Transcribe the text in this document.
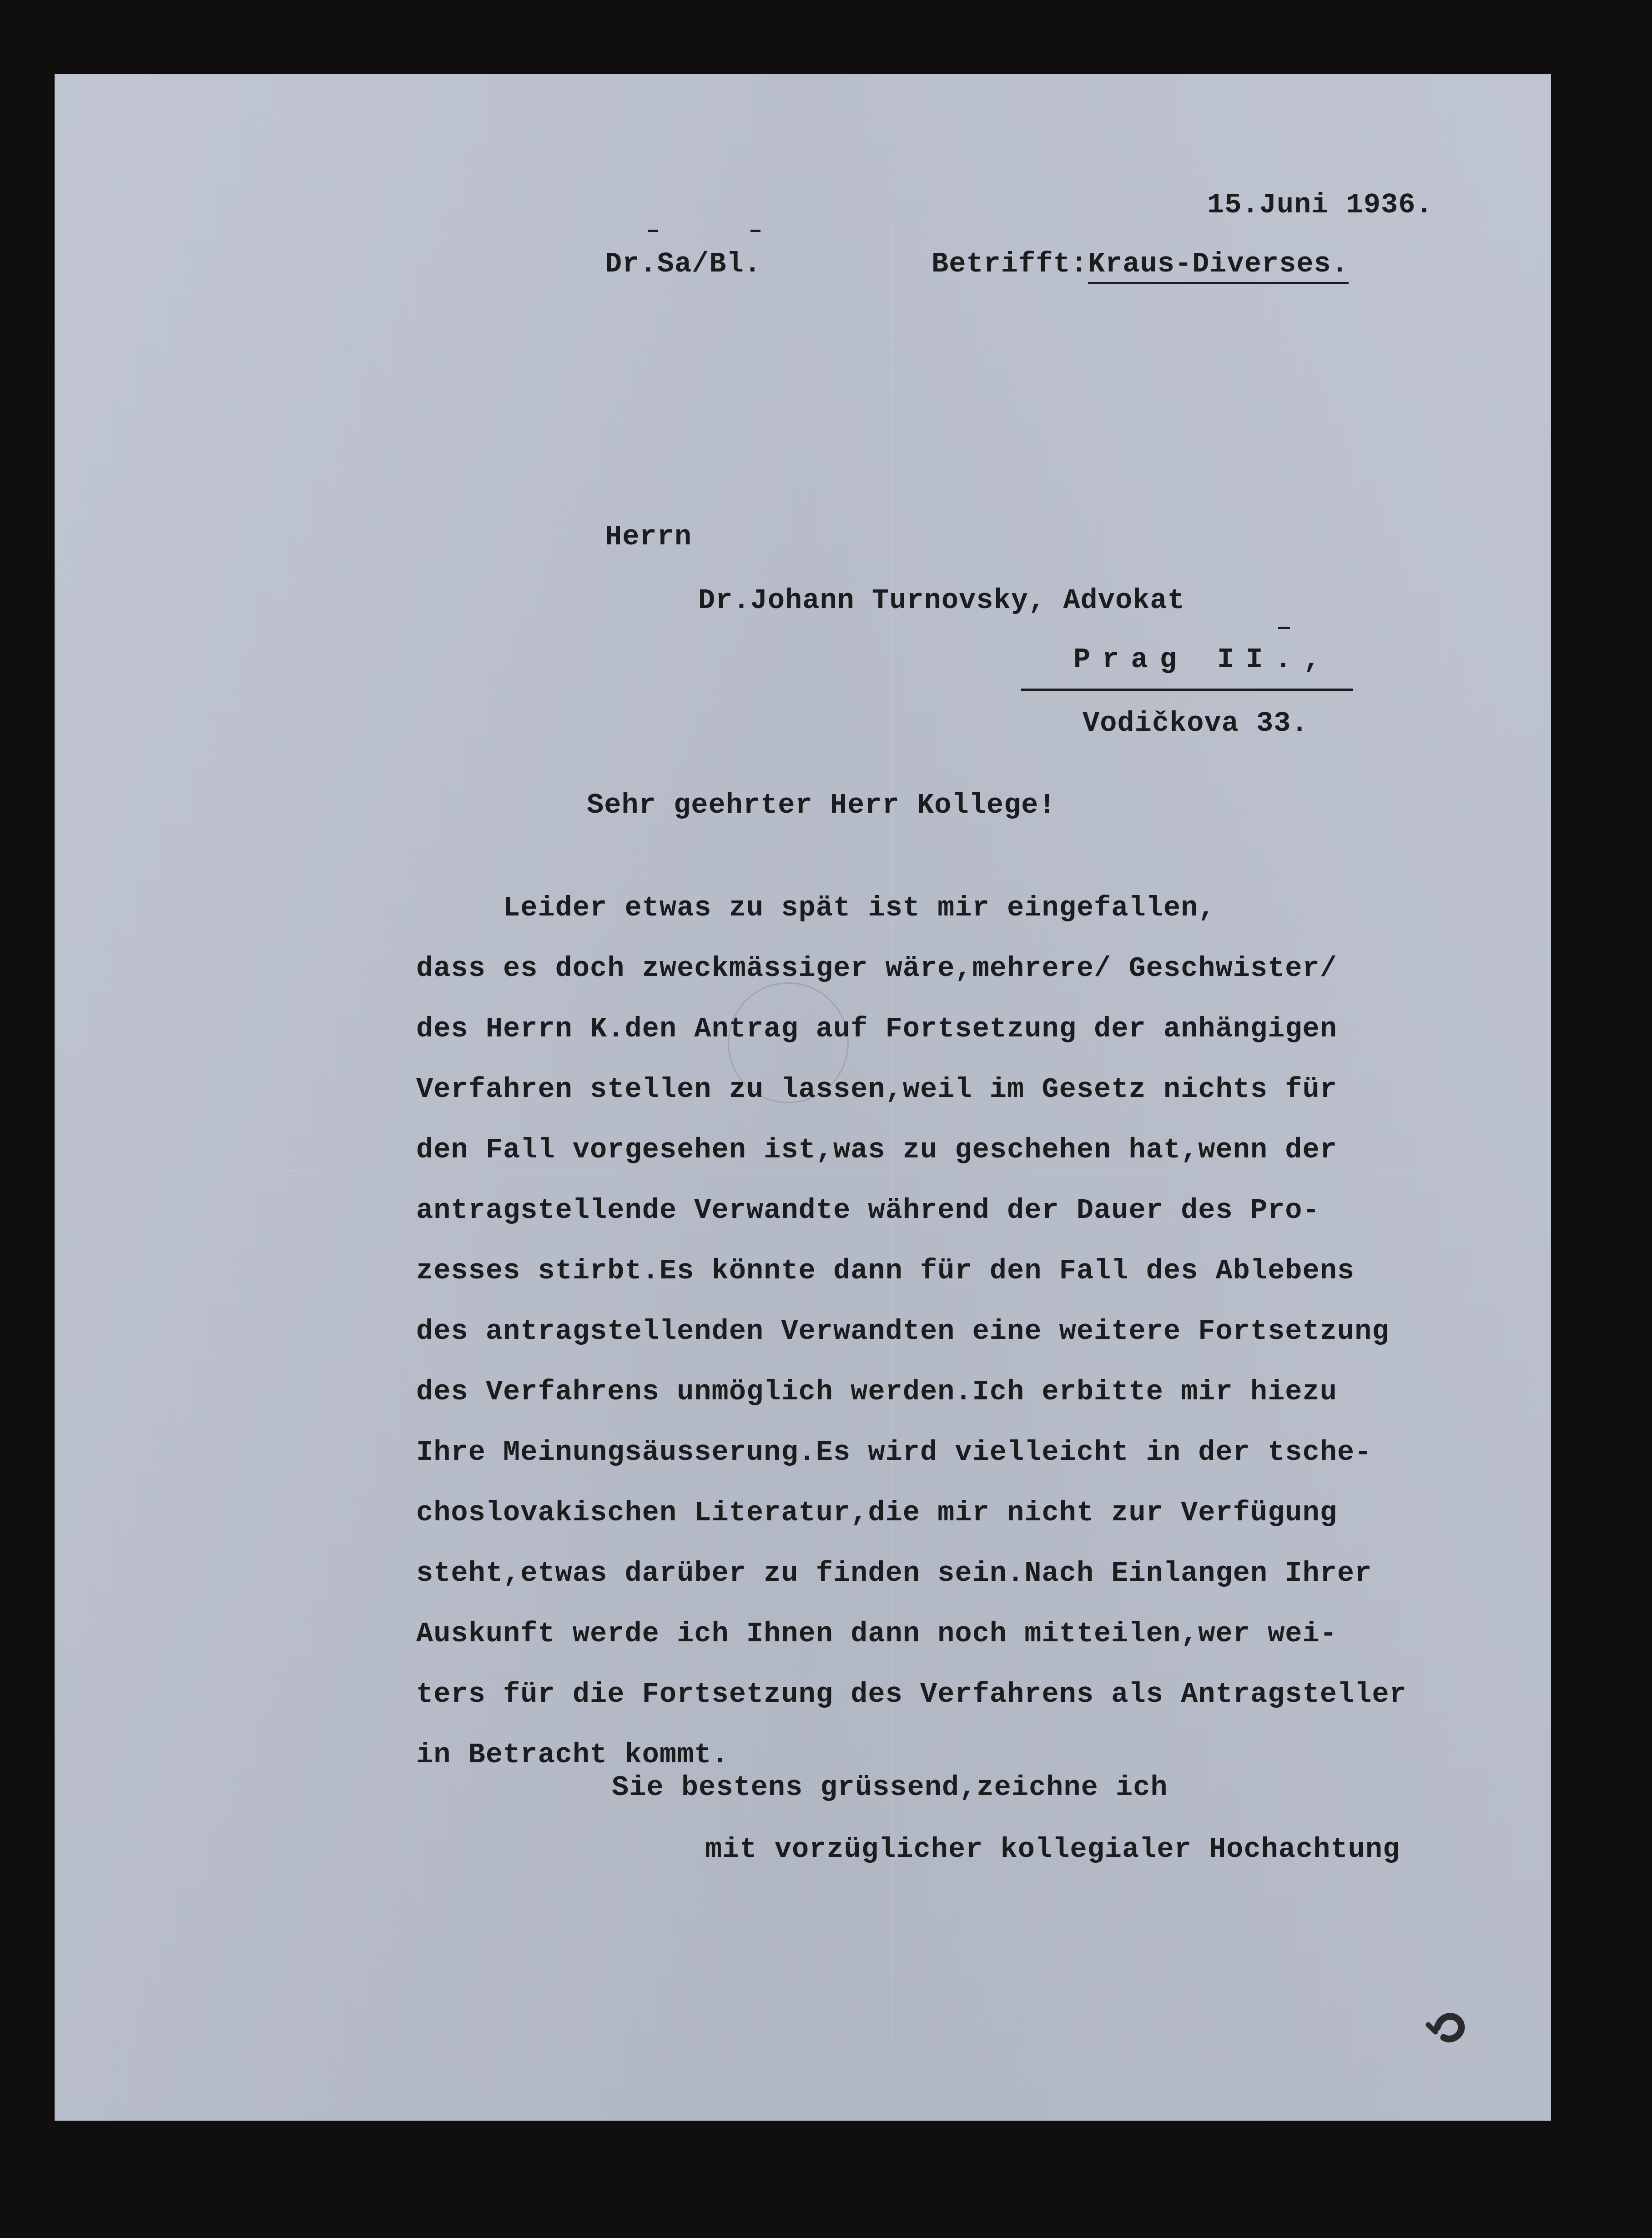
15.Juni 1936.
Dr.Sa/Bl.	Betrifft:Kraus-Diverses.
Herrn
Dr.Johann Turnovsky, Advokat
Prag II.,
Vodičkova 33.
Sehr geehrter Herr Kollege!
Leider etwas zu spät ist mir eingefallen,
dass es doch zweckmässiger wäre,mehrere/ Geschwister/
des Herrn K.den Antrag auf Fortsetzung der anhängigen
Verfahren stellen zu lassen,weil im Gesetz nichts für
den Fall vorgesehen ist,was zu geschehen hat,wenn der
antragstellende Verwandte während der Dauer des Pro-
zesses stirbt.Es könnte dann für den Fall des Ablebens
des antragstellenden Verwandten eine weitere Fortsetzung
des Verfahrens unmöglich werden.Ich erbitte mir hiezu
Ihre Meinungsäusserung.Es wird vielleicht in der tsche-
choslovakischen Literatur,die mir nicht zur Verfügung
steht,etwas darüber zu finden sein.Nach Einlangen Ihrer
Auskunft werde ich Ihnen dann noch mitteilen,wer wei-
ters für die Fortsetzung des Verfahrens als Antragsteller
in Betracht kommt.
Sie bestens grüssend,zeichne ich
mit vorzüglicher kollegialer Hochachtung
